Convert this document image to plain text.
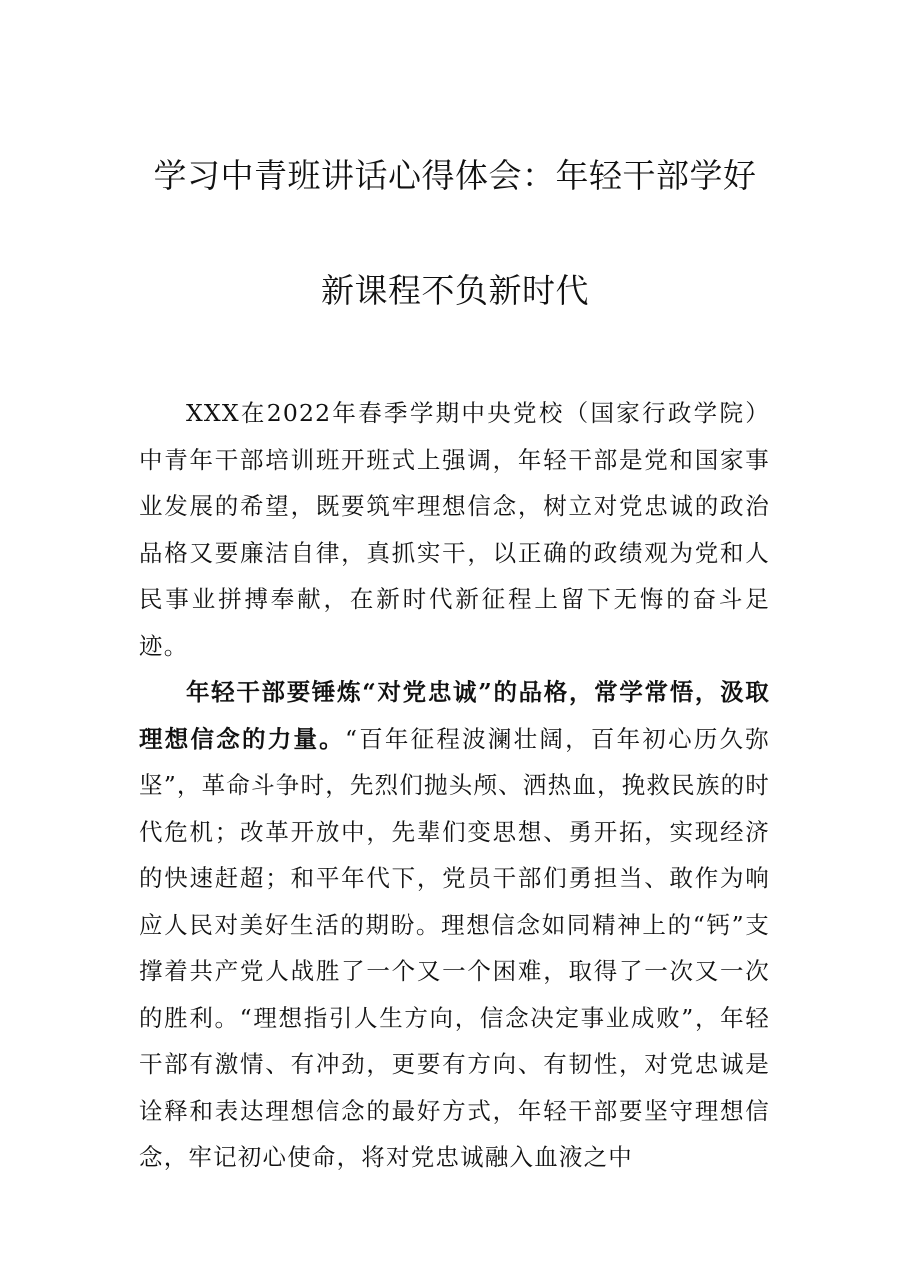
学习中青班讲话心得体会：年轻干部学好
新课程不负新时代

XXX在2022年春季学期中央党校（国家行政学院）中青年干部培训班开班式上强调，年轻干部是党和国家事业发展的希望，既要筑牢理想信念，树立对党忠诚的政治品格又要廉洁自律，真抓实干，以正确的政绩观为党和人民事业拼搏奉献，在新时代新征程上留下无悔的奋斗足迹。

年轻干部要锤炼“对党忠诚”的品格，常学常悟，汲取理想信念的力量。“百年征程波澜壮阔，百年初心历久弥坚”，革命斗争时，先烈们抛头颅、洒热血，挽救民族的时代危机；改革开放中，先辈们变思想、勇开拓，实现经济的快速赶超；和平年代下，党员干部们勇担当、敢作为响应人民对美好生活的期盼。理想信念如同精神上的“钙”支撑着共产党人战胜了一个又一个困难，取得了一次又一次的胜利。“理想指引人生方向，信念决定事业成败”，年轻干部有激情、有冲劲，更要有方向、有韧性，对党忠诚是诠释和表达理想信念的最好方式，年轻干部要坚守理想信念，牢记初心使命，将对党忠诚融入血液之中
